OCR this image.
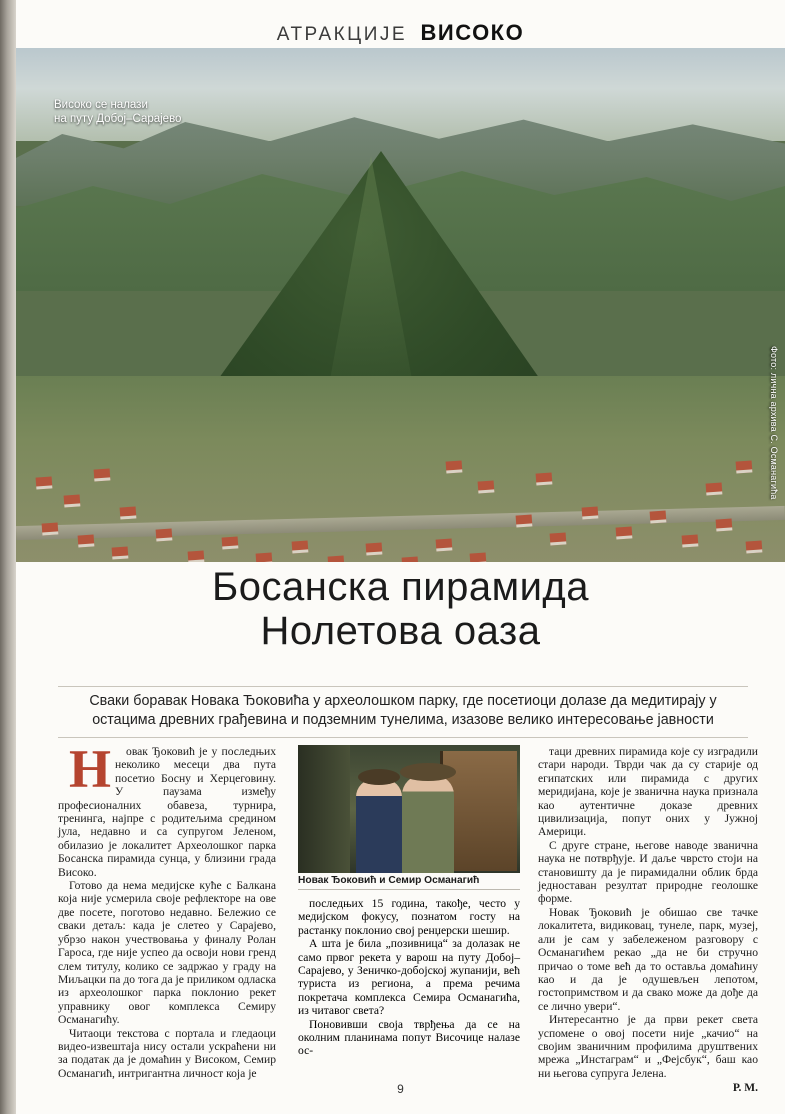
АТРАКЦИЈЕ ВИСОКО
Високо се налази
на путу Добој–Сарајево
Фото: лична архива С. Османагића
Босанска пирамида
Нолетова оаза
Сваки боравак Новака Ђоковића у археолошком парку, где посетиоци долазе да медитирају у остацима древних грађевина и подземним тунелима, изазове велико интересовање јавности

Н	овак Ђоковић је у последњих неколико месеци два пута посетио Босну и Херцеговину. У паузама између професионалних обавеза, турнира, тренинга, најпре с родитељима средином јула, недавно и са супругом Јеленом, обилазио је локалитет Археолошког парка Босанска пирамида сунца, у близини града Високо.

Готово да нема медијске куће с Балкана која није усмерила своје рефлекторе на ове две посете, поготово недавно. Бележио се сваки детаљ: када је слетео у Сарајево, убрзо након учествовања у финалу Ролан Гароса, где није успео да освоји нови гренд слем титулу, колико се задржао у граду на Миљацки па до тога да је приликом одласка из археолошког парка поклонио рекет управнику овог комплекса Семиру Османагићу.

Читаоци текстова с портала и гледаоци видео-извештаја нису остали ускраћени ни за податак да је домаћин у Високом, Семир Османагић, интригантна личност која је

Новак Ђоковић и Семир Османагић

последњих 15 година, такође, често у медијском фокусу, познатом госту на растанку поклонио свој ренџерски шешир.

А шта је била „позивница“ за долазак не само првог рекета у варош на путу Добој–Сарајево, у Зеничко-добојској жупанији, већ туриста из региона, а према речима покретача комплекса Семира Османагића, из читавог света?

Поновивши своја тврђења да се на околним планинама попут Височице налазе ос-

таци древних пирамида које су изградили стари народи. Тврди чак да су старије од египатских или пирамида с других меридијана, које је званична наука признала као аутентичне доказе древних цивилизација, попут оних у Јужној Америци.

С друге стране, његове наводе званична наука не потврђује. И даље чврсто стоји на становишту да је пирамидални облик брда једноставан резултат природне геолошке форме.

Новак Ђоковић је обишао све тачке локалитета, видиковац, тунеле, парк, музеј, али је сам у забележеном разговору с Османагићем рекао „да не би стручно причао о томе већ да то оставља домаћину као и да је одушевљен лепотом, гостопримством и да свако може да дође да се лично увери“.

Интересантно је да први рекет света успомене о овој посети није „качио“ на својим званичним профилима друштвених мрежа „Инстаграм“ и „Фејсбук“, баш као ни његова супруга Јелена.

Р. М.
9
